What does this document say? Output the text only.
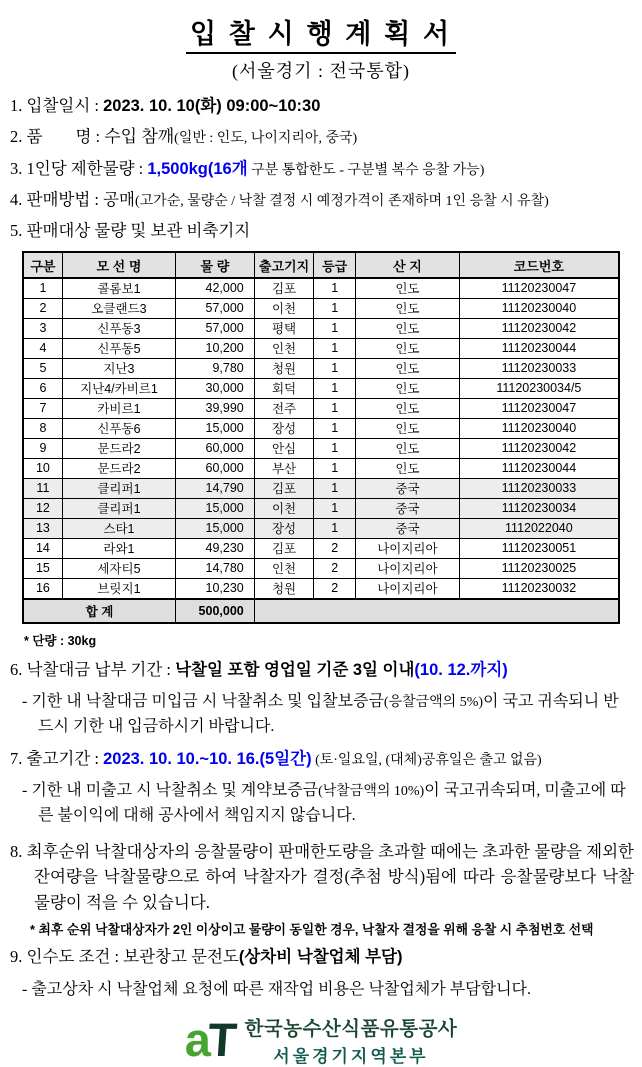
입 찰 시 행 계 획 서
(서울경기 : 전국통합)
1. 입찰일시 : 2023. 10. 10(화) 09:00~10:30
2. 품　　명 : 수입 참깨(일반 : 인도, 나이지리아, 중국)
3. 1인당 제한물량 : 1,500kg(16개 구분 통합한도 - 구분별 복수 응찰 가능)
4. 판매방법 : 공매(고가순, 물량순 / 낙찰 결정 시 예정가격이 존재하며 1인 응찰 시 유찰)
5. 판매대상 물량 및 보관 비축기지
구분	모 선 명	물 량	출고기지	등급	산 지	코드번호
1	콜롬보1	42,000	김포	1	인도	11120230047
2	오클랜드3	57,000	이천	1	인도	11120230040
3	신푸동3	57,000	평택	1	인도	11120230042
4	신푸동5	10,200	인천	1	인도	11120230044
5	지난3	9,780	청원	1	인도	11120230033
6	지난4/카비르1	30,000	회덕	1	인도	11120230034/5
7	카비르1	39,990	전주	1	인도	11120230047
8	신푸동6	15,000	장성	1	인도	11120230040
9	문드라2	60,000	안심	1	인도	11120230042
10	문드라2	60,000	부산	1	인도	11120230044
11	클리퍼1	14,790	김포	1	중국	11120230033
12	클리퍼1	15,000	이천	1	중국	11120230034
13	스타1	15,000	장성	1	중국	1112022040
14	라와1	49,230	김포	2	나이지리아	11120230051
15	세자티5	14,780	인천	2	나이지리아	11120230025
16	브릿지1	10,230	청원	2	나이지리아	11120230032
합 계		500,000				
* 단량 : 30kg
6. 낙찰대금 납부 기간 : 낙찰일 포함 영업일 기준 3일 이내(10. 12.까지)
- 기한 내 낙찰대금 미입금 시 낙찰취소 및 입찰보증금(응찰금액의 5%)이 국고 귀속되니 반드시 기한 내 입금하시기 바랍니다.
7. 출고기간 : 2023. 10. 10.~10. 16.(5일간) (토·일요일, (대체)공휴일은 출고 없음)
- 기한 내 미출고 시 낙찰취소 및 계약보증금(낙찰금액의 10%)이 국고귀속되며, 미출고에 따른 불이익에 대해 공사에서 책임지지 않습니다.
8. 최후순위 낙찰대상자의 응찰물량이 판매한도량을 초과할 때에는 초과한 물량을 제외한 잔여량을 낙찰물량으로 하여 낙찰자가 결정(추첨 방식)됨에 따라 응찰물량보다 낙찰물량이 적을 수 있습니다.
* 최후 순위 낙찰대상자가 2인 이상이고 물량이 동일한 경우, 낙찰자 결정을 위해 응찰 시 추첨번호 선택
9. 인수도 조건 : 보관창고 문전도(상차비 낙찰업체 부담)
- 출고상차 시 낙찰업체 요청에 따른 재작업 비용은 낙찰업체가 부담합니다.
a
T 한국농수산식품유통공사
서울경기지역본부
